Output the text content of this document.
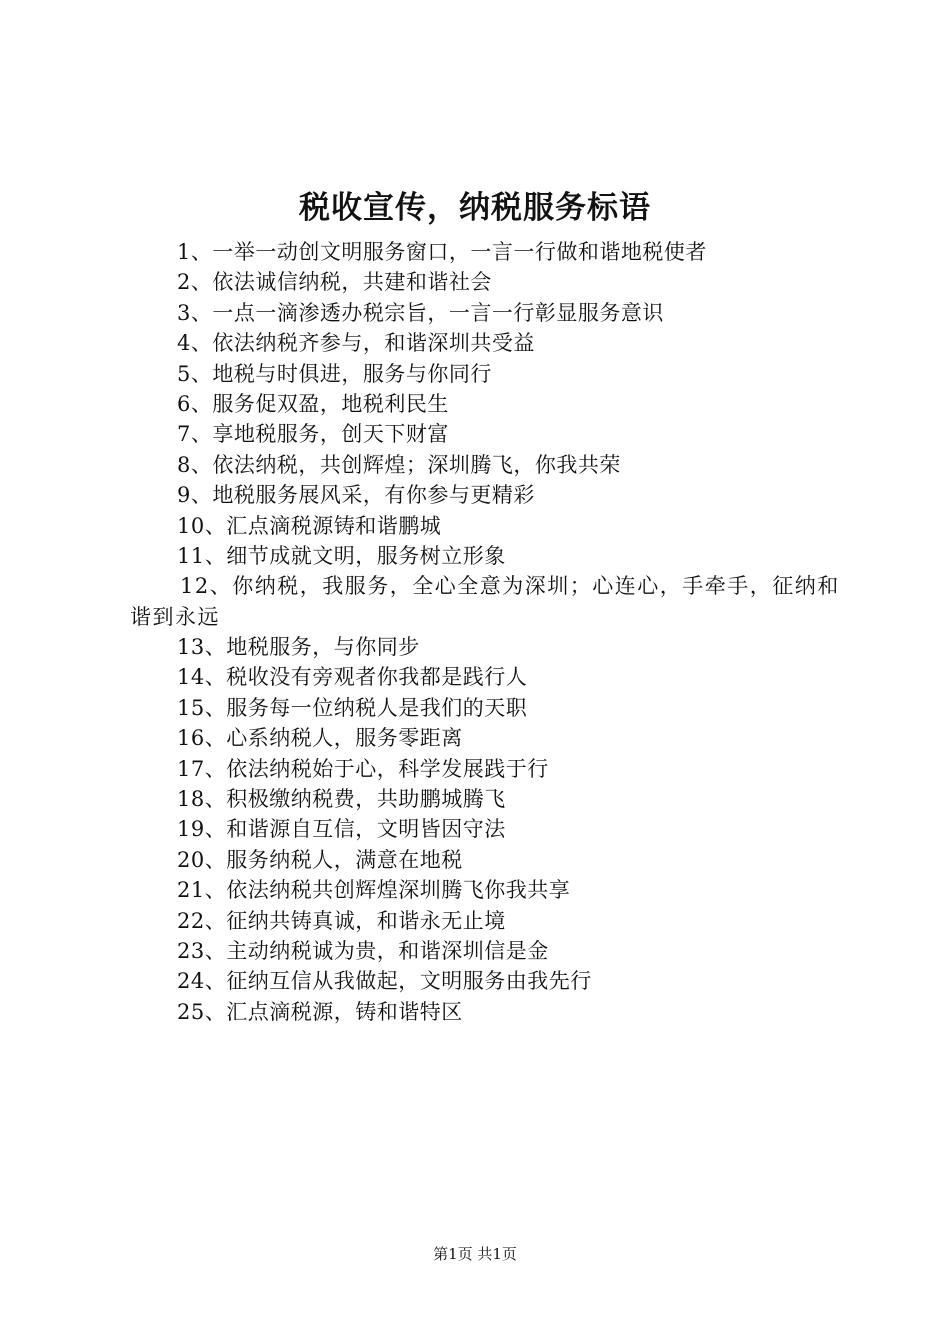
税收宣传，纳税服务标语
1、一举一动创文明服务窗口，一言一行做和谐地税使者
2、依法诚信纳税，共建和谐社会
3、一点一滴渗透办税宗旨，一言一行彰显服务意识
4、依法纳税齐参与，和谐深圳共受益
5、地税与时俱进，服务与你同行
6、服务促双盈，地税利民生
7、享地税服务，创天下财富
8、依法纳税，共创辉煌；深圳腾飞，你我共荣
9、地税服务展风采，有你参与更精彩
10、汇点滴税源铸和谐鹏城
11、细节成就文明，服务树立形象
12、你纳税，我服务，全心全意为深圳；心连心，手牵手，征纳和谐到永远
13、地税服务，与你同步
14、税收没有旁观者你我都是践行人
15、服务每一位纳税人是我们的天职
16、心系纳税人，服务零距离
17、依法纳税始于心，科学发展践于行
18、积极缴纳税费，共助鹏城腾飞
19、和谐源自互信，文明皆因守法
20、服务纳税人，满意在地税
21、依法纳税共创辉煌深圳腾飞你我共享
22、征纳共铸真诚，和谐永无止境
23、主动纳税诚为贵，和谐深圳信是金
24、征纳互信从我做起，文明服务由我先行
25、汇点滴税源，铸和谐特区
第1页 共1页
